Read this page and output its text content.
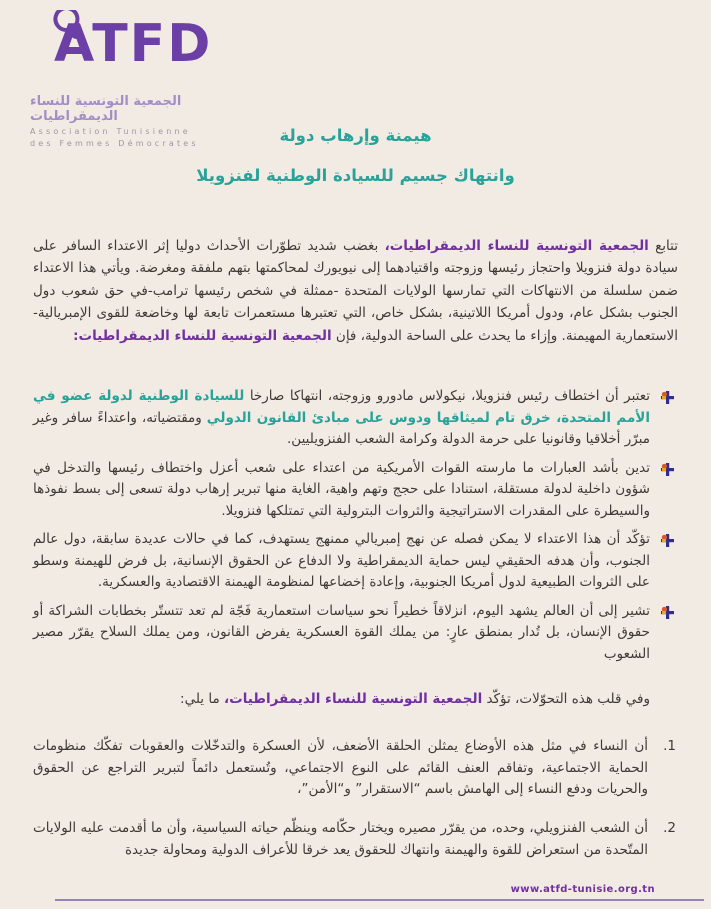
ATFD
الجمعية التونسية للنساء الديمقراطيات
Association Tunisienne
des Femmes Démocrates	هيمنة وإرهاب دولة
وانتهاك جسيم للسيادة الوطنية لفنزويلا

تتابع الجمعية التونسية للنساء الديمقراطيات، بغضب شديد تطوّرات الأحداث دوليا إثر الاعتداء السافر على سيادة دولة فنزويلا واحتجاز رئيسها وزوجته واقتيادهما إلى نيويورك لمحاكمتها بتهم ملفقة ومغرضة. ويأتي هذا الاعتداء ضمن سلسلة من الانتهاكات التي تمارسها الولايات المتحدة -ممثلة في شخص رئيسها ترامب-في حق شعوب دول الجنوب بشكل عام، ودول أمريكا اللاتينية، بشكل خاص، التي تعتبرها مستعمرات تابعة لها وخاضعة للقوى الإمبريالية-الاستعمارية المهيمنة. وإزاء ما يحدث على الساحة الدولية، فإن الجمعية التونسية للنساء الديمقراطيات:

تعتبر أن اختطاف رئيس فنزويلا، نيكولاس مادورو وزوجته، انتهاكا صارخا للسيادة الوطنية لدولة عضو في الأمم المتحدة، خرق تام لميثاقها ودوس على مبادئ القانون الدولي ومقتضياته، واعتداءً سافر وغير مبرّر أخلاقيا وقانونيا على حرمة الدولة وكرامة الشعب الفنزويليين.
تدين بأشد العبارات ما مارسته القوات الأمريكية من اعتداء على شعب أعزل واختطاف رئيسها والتدخل في شؤون داخلية لدولة مستقلة، استنادا على حجج وتهم واهية، الغاية منها تبرير إرهاب دولة تسعى إلى بسط نفوذها والسيطرة على المقدرات الاستراتيجية والثروات البترولية التي تمتلكها فنزويلا.
تؤكّد أن هذا الاعتداء لا يمكن فصله عن نهج إمبريالي ممنهج يستهدف، كما في حالات عديدة سابقة، دول عالم الجنوب، وأن هدفه الحقيقي ليس حماية الديمقراطية ولا الدفاع عن الحقوق الإنسانية، بل فرض للهيمنة وسطو على الثروات الطبيعية لدول أمريكا الجنوبية، وإعادة إخضاعها لمنظومة الهيمنة الاقتصادية والعسكرية.
تشير إلى أن العالم يشهد اليوم، انزلاقاً خطيراً نحو سياسات استعمارية فَجّة لم تعد تتستّر بخطابات الشراكة أو حقوق الإنسان، بل تُدار بمنطق عارٍ: من يملك القوة العسكرية يفرض القانون، ومن يملك السلاح يقرّر مصير الشعوب

وفي قلب هذه التحوّلات، تؤكّد الجمعية التونسية للنساء الديمقراطيات، ما يلي:

1.
أن النساء في مثل هذه الأوضاع يمثلن الحلقة الأضعف، لأن العسكرة والتدخّلات والعقوبات تفكّك منظومات الحماية الاجتماعية، وتفاقم العنف القائم على النوع الاجتماعي، وتُستعمل دائماً لتبرير التراجع عن الحقوق والحريات ودفع النساء إلى الهامش باسم “الاستقرار” و“الأمن”،
2.
أن الشعب الفنزويلي، وحده، من يقرّر مصيره ويختار حكّامه وينظّم حياته السياسية، وأن ما أقدمت عليه الولايات المتّحدة من استعراض للقوة والهيمنة وانتهاك للحقوق يعد خرقا للأعراف الدولية ومحاولة جديدة
www.atfd-tunisie.org.tn
